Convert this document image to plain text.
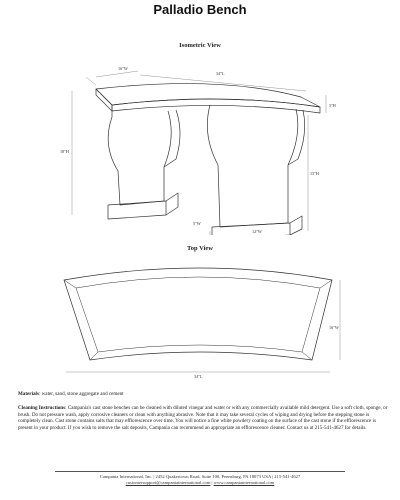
Palladio Bench
Isometric View
16"W
34"L
3"H
18"H
15"H
5"W
12"W
Top View
34"L
16"W
Materials: water, sand, stone aggregate and cement
Cleaning Instructions: Campania's cast stone benches can be cleaned with diluted vinegar and water or with any commercially available mild detergent. Use a soft cloth, sponge, or brush. Do not pressure wash, apply corrosive cleaners or clean with anything abrasive. Note that it may take several cycles of wiping and drying before the stepping stone is completely clean. Cast stone contains salts that may efflorescence over time. You will notice a fine white powdery coating on the surface of the cast stone if the efflorescence is present in your product. If you wish to remove the salt deposits, Campania can recommend an appropriate an efflorescence cleaner. Contact us at 215-541-4627 for details.
Campania International, Inc. | 2452 Quakertown Road, Suite 100, Pennsburg, PA 18073 USA | 215-541-4627
customersupport@campaniainternational.com | www.campaniainternational.com
